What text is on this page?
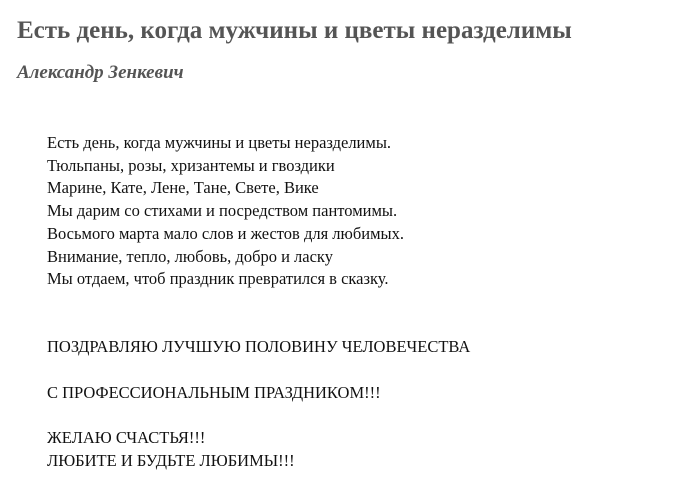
Есть день, когда мужчины и цветы неразделимы
Александр Зенкевич
Есть день, когда мужчины и цветы неразделимы.
Тюльпаны, розы, хризантемы и гвоздики
Марине, Кате, Лене, Тане, Свете, Вике
Мы дарим со стихами и посредством пантомимы.
Восьмого марта мало слов и жестов для любимых.
Внимание, тепло, любовь, добро и ласку
Мы отдаем, чтоб праздник превратился в сказку.

ПОЗДРАВЛЯЮ ЛУЧШУЮ ПОЛОВИНУ ЧЕЛОВЕЧЕСТВА

С ПРОФЕССИОНАЛЬНЫМ ПРАЗДНИКОМ!!!

ЖЕЛАЮ СЧАСТЬЯ!!!

ЛЮБИТЕ И БУДЬТЕ ЛЮБИМЫ!!!
